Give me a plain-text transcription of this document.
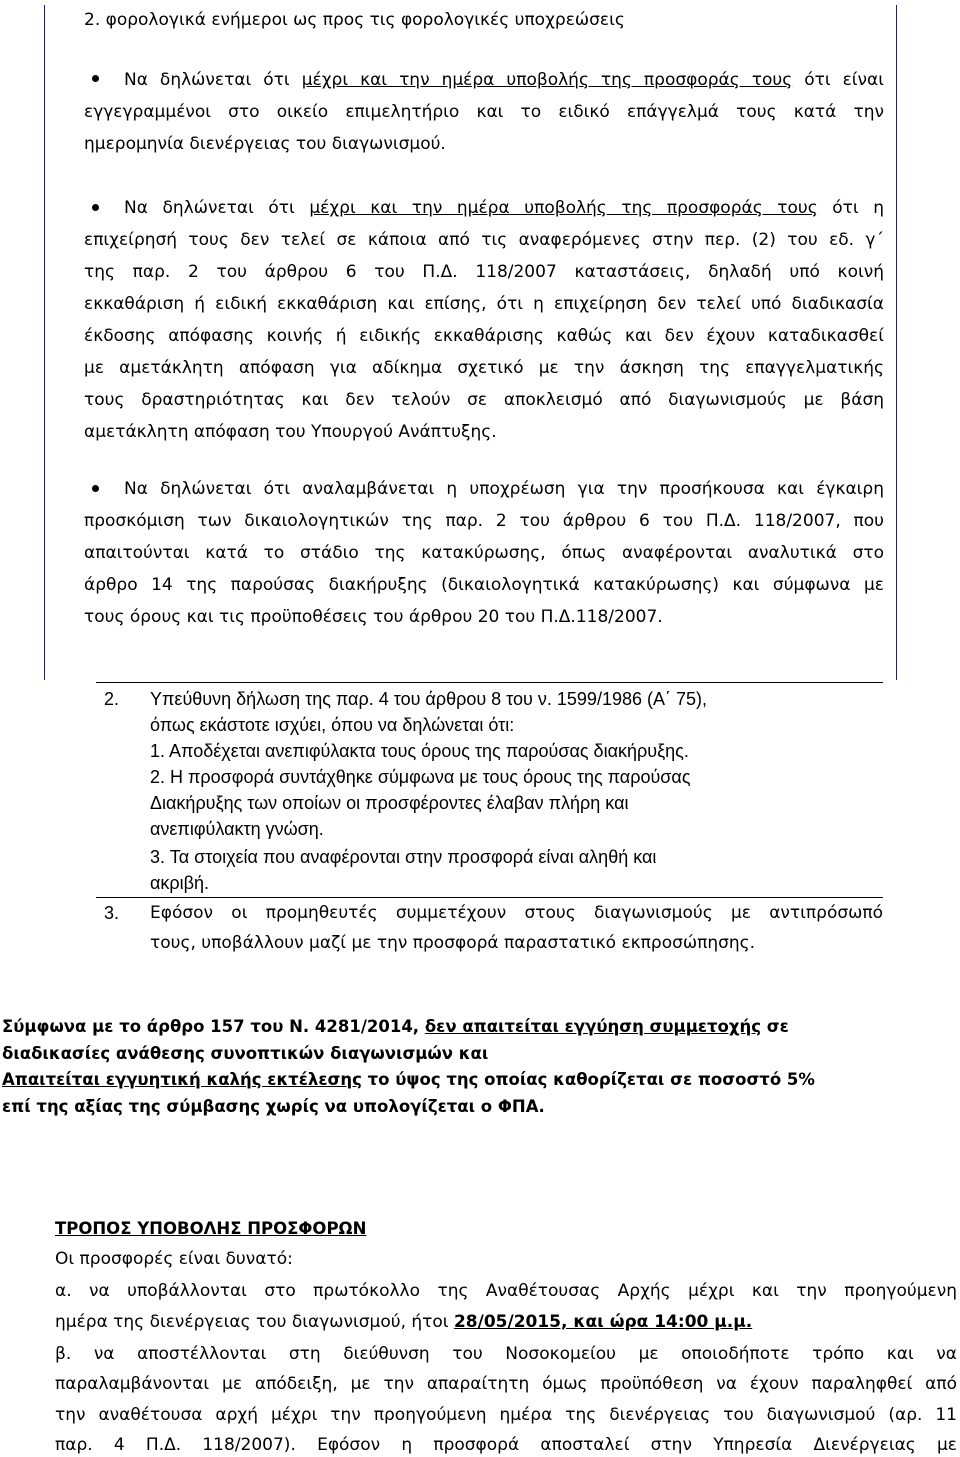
2. φορολογικά ενήμεροι ως προς τις φορολογικές υποχρεώσεις
Να δηλώνεται ότι μέχρι και την ημέρα υποβολής της προσφοράς τους ότι είναι
εγγεγραμμένοι στο οικείο επιμελητήριο και το ειδικό επάγγελμά τους κατά την
ημερομηνία διενέργειας του διαγωνισμού.
Να δηλώνεται ότι μέχρι και την ημέρα υποβολής της προσφοράς τους ότι η
επιχείρησή τους δεν τελεί σε κάποια από τις αναφερόμενες στην περ. (2) του εδ. γ΄
της παρ. 2 του άρθρου 6 του Π.Δ. 118/2007 καταστάσεις, δηλαδή υπό κοινή
εκκαθάριση ή ειδική εκκαθάριση και επίσης, ότι η επιχείρηση δεν τελεί υπό διαδικασία
έκδοσης απόφασης κοινής ή ειδικής εκκαθάρισης καθώς και δεν έχουν καταδικασθεί
με αμετάκλητη απόφαση για αδίκημα σχετικό με την άσκηση της επαγγελματικής
τους δραστηριότητας και δεν τελούν σε αποκλεισμό από διαγωνισμούς με βάση
αμετάκλητη απόφαση του Υπουργού Ανάπτυξης.
Να δηλώνεται ότι αναλαμβάνεται η υποχρέωση για την προσήκουσα και έγκαιρη
προσκόμιση των δικαιολογητικών της παρ. 2 του άρθρου 6 του Π.Δ. 118/2007, που
απαιτούνται κατά το στάδιο της κατακύρωσης, όπως αναφέρονται αναλυτικά στο
άρθρο 14 της παρούσας διακήρυξης (δικαιολογητικά κατακύρωσης) και σύμφωνα με
τους όρους και τις προϋποθέσεις του άρθρου 20 του Π.Δ.118/2007.
2. Υπεύθυνη δήλωση της παρ. 4 του άρθρου 8 του ν. 1599/1986 (Α΄ 75),
όπως εκάστοτε ισχύει, όπου να δηλώνεται ότι:
1. Αποδέχεται ανεπιφύλακτα τους όρους της παρούσας διακήρυξης.
2. Η προσφορά συντάχθηκε σύμφωνα με τους όρους της παρούσας
Διακήρυξης των οποίων οι προσφέροντες έλαβαν πλήρη και
ανεπιφύλακτη γνώση.
3. Τα στοιχεία που αναφέρονται στην προσφορά είναι αληθή και
ακριβή.
3. Εφόσον οι προμηθευτές συμμετέχουν στους διαγωνισμούς με αντιπρόσωπό
τους, υποβάλλουν μαζί με την προσφορά παραστατικό εκπροσώπησης.
Σύμφωνα με το άρθρο 157 του Ν. 4281/2014, δεν απαιτείται εγγύηση συμμετοχής σε
διαδικασίες ανάθεσης συνοπτικών διαγωνισμών και
Απαιτείται εγγυητική καλής εκτέλεσης το ύψος της οποίας καθορίζεται σε ποσοστό 5%
επί της αξίας της σύμβασης χωρίς να υπολογίζεται ο ΦΠΑ.
ΤΡΟΠΟΣ ΥΠΟΒΟΛΗΣ ΠΡΟΣΦΟΡΩΝ
Οι προσφορές είναι δυνατό:
α. να υποβάλλονται στο πρωτόκολλο της Αναθέτουσας Αρχής μέχρι και την προηγούμενη
ημέρα της διενέργειας του διαγωνισμού, ήτοι 28/05/2015, και ώρα 14:00 μ.μ.
β. να αποστέλλονται στη διεύθυνση του Νοσοκομείου με οποιοδήποτε τρόπο και να
παραλαμβάνονται με απόδειξη, με την απαραίτητη όμως προϋπόθεση να έχουν παραληφθεί από
την αναθέτουσα αρχή μέχρι την προηγούμενη ημέρα της διενέργειας του διαγωνισμού (αρ. 11
παρ. 4 Π.Δ. 118/2007). Εφόσον η προσφορά αποσταλεί στην Υπηρεσία Διενέργειας με
